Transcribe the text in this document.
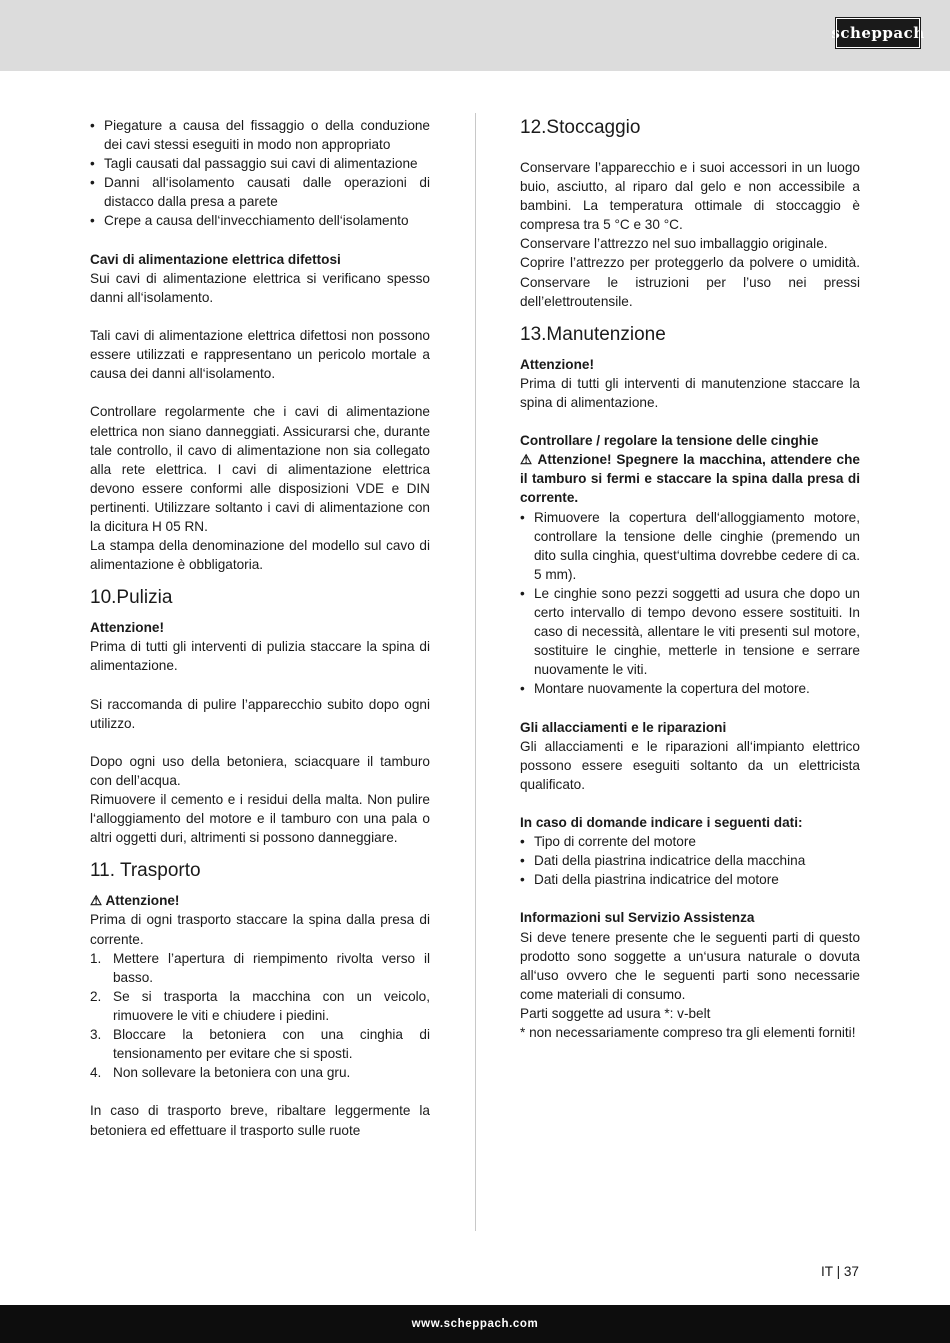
scheppach
• Piegature a causa del fissaggio o della conduzione dei cavi stessi eseguiti in modo non appropriato
• Tagli causati dal passaggio sui cavi di alimentazione
• Danni all‘isolamento causati dalle operazioni di distacco dalla presa a parete
• Crepe a causa dell‘invecchiamento dell‘isolamento

Cavi di alimentazione elettrica difettosi

Sui cavi di alimentazione elettrica si verificano spesso danni all‘isolamento.

Tali cavi di alimentazione elettrica difettosi non possono essere utilizzati e rappresentano un pericolo mortale a causa dei danni all‘isolamento.

Controllare regolarmente che i cavi di alimentazione elettrica non siano danneggiati. Assicurarsi che, durante tale controllo, il cavo di alimentazione non sia collegato alla rete elettrica. I cavi di alimentazione elettrica devono essere conformi alle disposizioni VDE e DIN pertinenti. Utilizzare soltanto i cavi di alimentazione con la dicitura H 05 RN.

La stampa della denominazione del modello sul cavo di alimentazione è obbligatoria.

10.Pulizia

Attenzione!

Prima di tutti gli interventi di pulizia staccare la spina di alimentazione.

Si raccomanda di pulire l’apparecchio subito dopo ogni utilizzo.

Dopo ogni uso della betoniera, sciacquare il tamburo con dell’acqua.

Rimuovere il cemento e i residui della malta. Non pulire l‘alloggiamento del motore e il tamburo con una pala o altri oggetti duri, altrimenti si possono danneggiare.

11. Trasporto

⚠ Attenzione!

Prima di ogni trasporto staccare la spina dalla presa di corrente.

1. Mettere l’apertura di riempimento rivolta verso il basso.
2. Se si trasporta la macchina con un veicolo, rimuovere le viti e chiudere i piedini.
3. Bloccare la betoniera con una cinghia di tensionamento per evitare che si sposti.
4. Non sollevare la betoniera con una gru.

In caso di trasporto breve, ribaltare leggermente la betoniera ed effettuare il trasporto sulle ruote

12.Stoccaggio

Conservare l’apparecchio e i suoi accessori in un luogo buio, asciutto, al riparo dal gelo e non accessibile a bambini. La temperatura ottimale di stoccaggio è compresa tra 5 °C e 30 °C.

Conservare l’attrezzo nel suo imballaggio originale.

Coprire l’attrezzo per proteggerlo da polvere o umidità. Conservare le istruzioni per l’uso nei pressi dell’elettroutensile.

13.Manutenzione

Attenzione!

Prima di tutti gli interventi di manutenzione staccare la spina di alimentazione.

Controllare / regolare la tensione delle cinghie

⚠ Attenzione! Spegnere la macchina, attendere che il tamburo si fermi e staccare la spina dalla presa di corrente.

• Rimuovere la copertura dell‘alloggiamento motore, controllare la tensione delle cinghie (premendo un dito sulla cinghia, quest‘ultima dovrebbe cedere di ca. 5 mm).
• Le cinghie sono pezzi soggetti ad usura che dopo un certo intervallo di tempo devono essere sostituiti. In caso di necessità, allentare le viti presenti sul motore, sostituire le cinghie, metterle in tensione e serrare nuovamente le viti.
• Montare nuovamente la copertura del motore.

Gli allacciamenti e le riparazioni

Gli allacciamenti e le riparazioni all‘impianto elettrico possono essere eseguiti soltanto da un elettricista qualificato.

In caso di domande indicare i seguenti dati:

• Tipo di corrente del motore
• Dati della piastrina indicatrice della macchina
• Dati della piastrina indicatrice del motore

Informazioni sul Servizio Assistenza

Si deve tenere presente che le seguenti parti di questo prodotto sono soggette a un‘usura naturale o dovuta all‘uso ovvero che le seguenti parti sono necessarie come materiali di consumo.

Parti soggette ad usura *: v-belt

* non necessariamente compreso tra gli elementi forniti!

IT | 37
www.scheppach.com
